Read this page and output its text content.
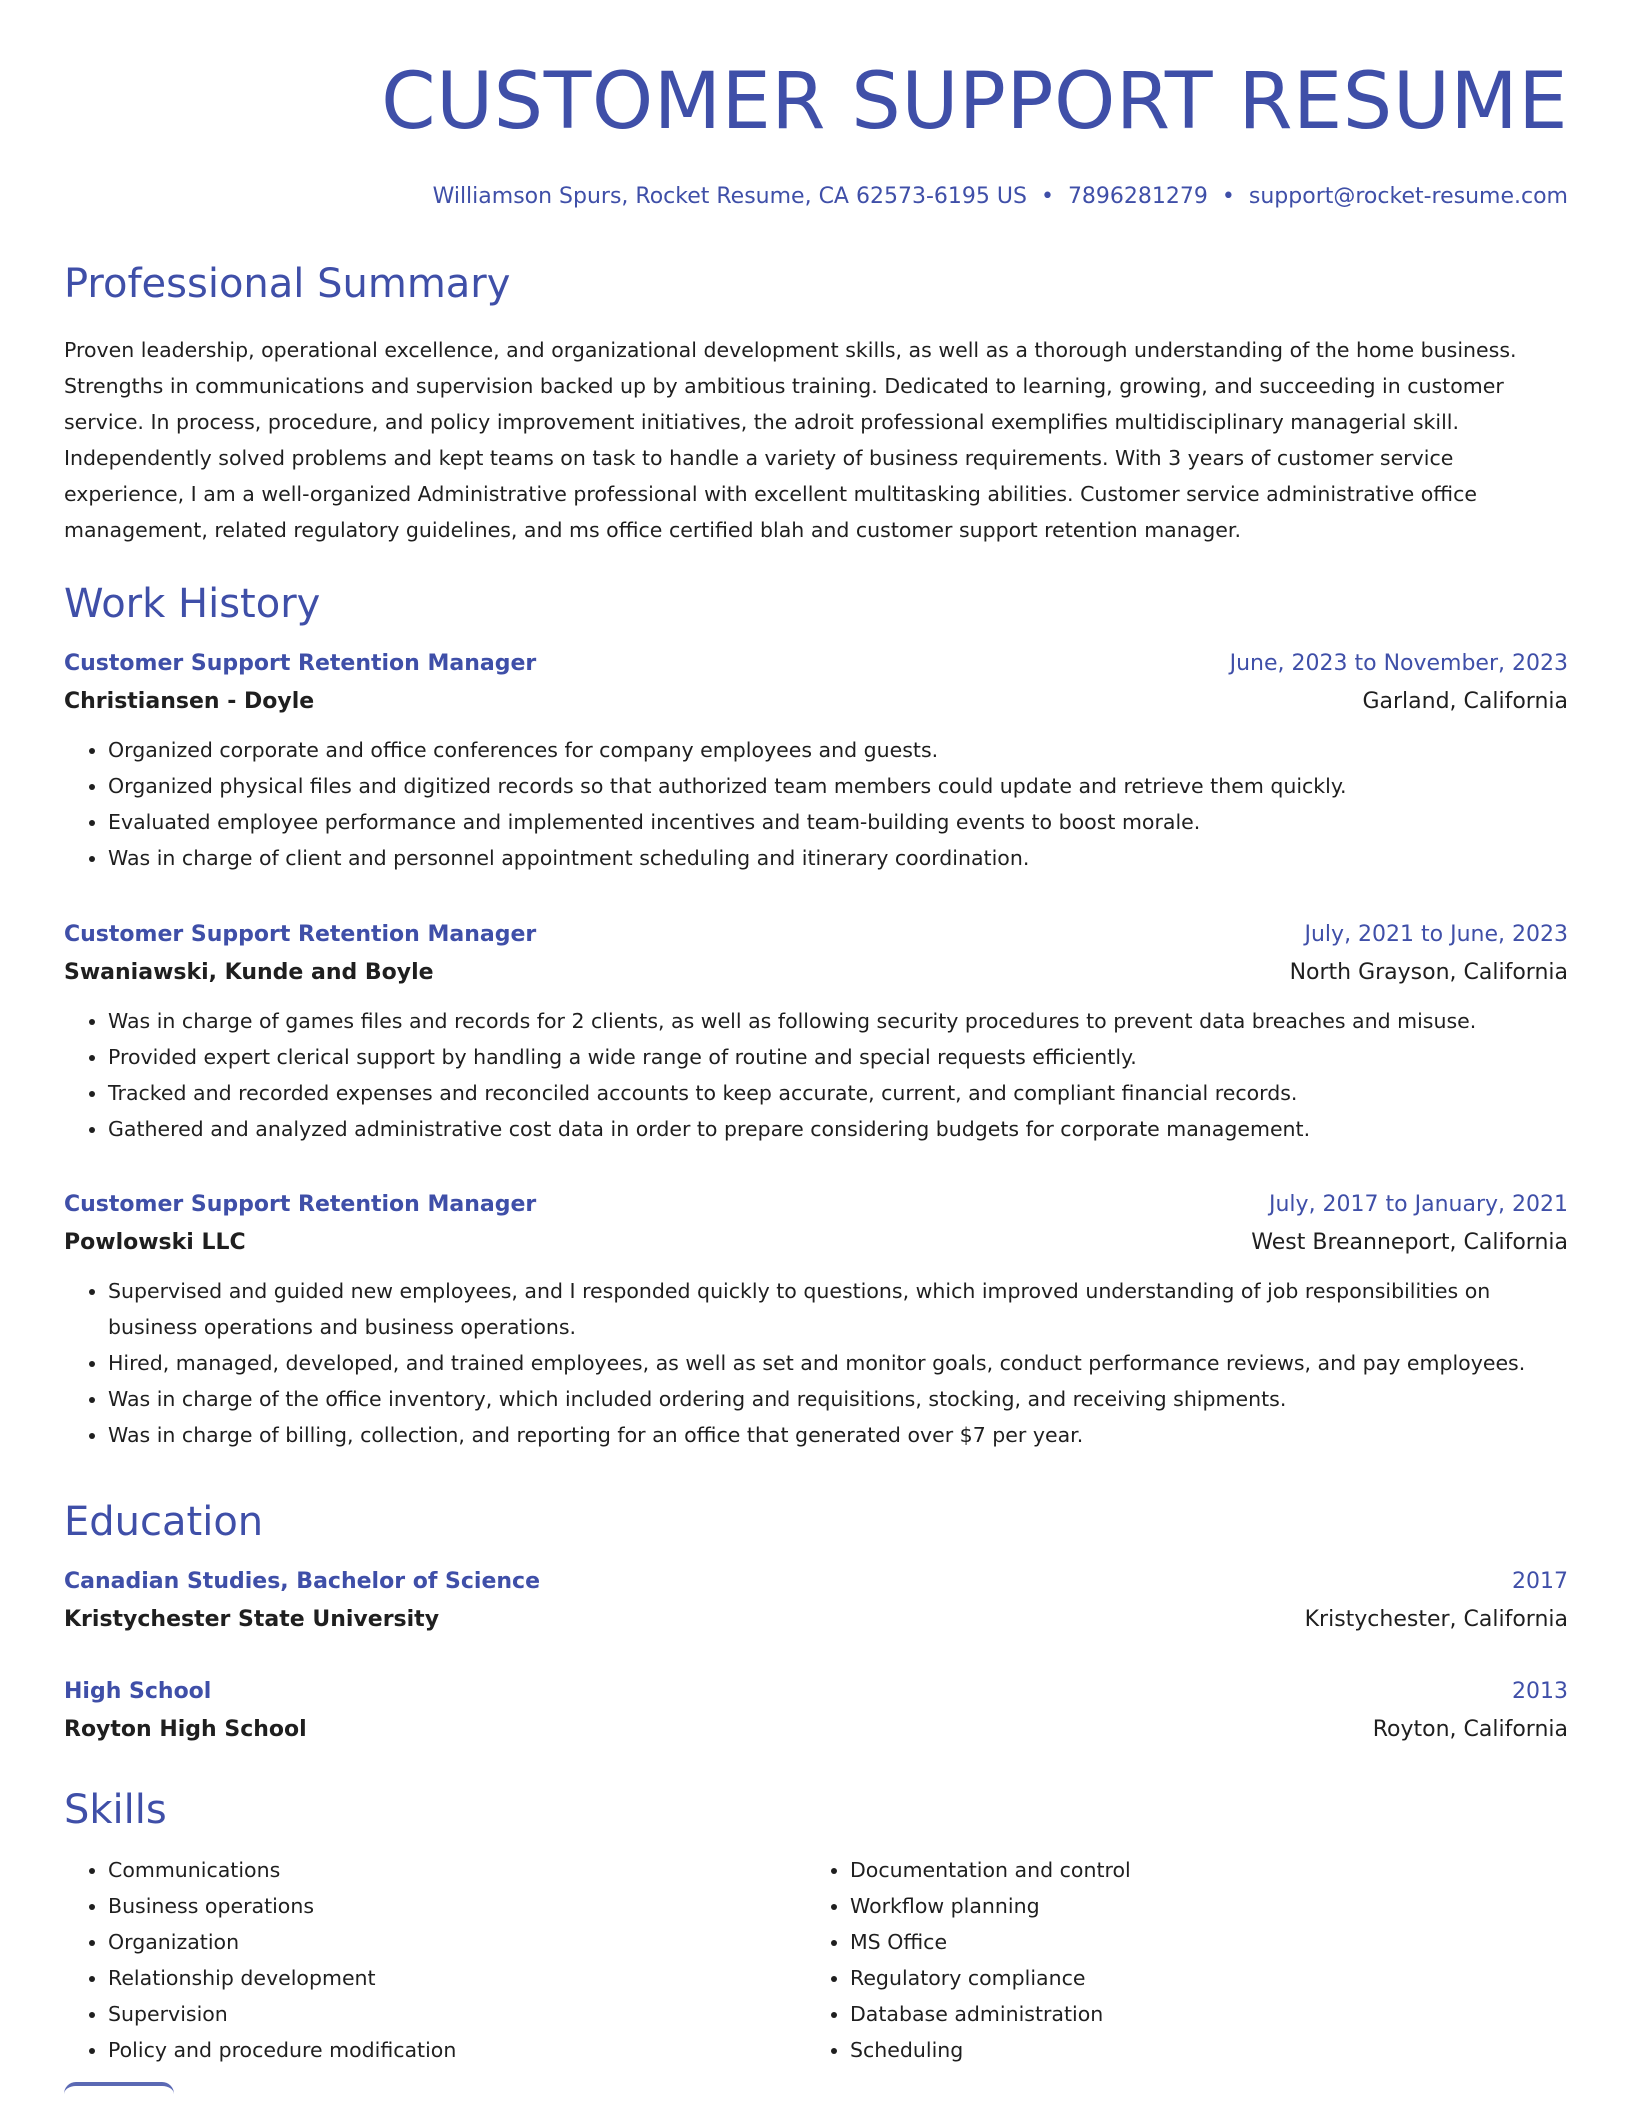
CUSTOMER SUPPORT RESUME
Williamson Spurs, Rocket Resume, CA 62573-6195 US • 7896281279 • support@rocket-resume.com
Professional Summary

Proven leadership, operational excellence, and organizational development skills, as well as a thorough understanding of the home business. Strengths in communications and supervision backed up by ambitious training. Dedicated to learning, growing, and succeeding in customer service. In process, procedure, and policy improvement initiatives, the adroit professional exemplifies multidisciplinary managerial skill. Independently solved problems and kept teams on task to handle a variety of business requirements. With 3 years of customer service experience, I am a well-organized Administrative professional with excellent multitasking abilities. Customer service administrative office management, related regulatory guidelines, and ms office certified blah and customer support retention manager.

Work History
Customer Support Retention Manager	June, 2023 to November, 2023
Christiansen - Doyle	Garland, California
• Organized corporate and office conferences for company employees and guests.
• Organized physical files and digitized records so that authorized team members could update and retrieve them quickly.
• Evaluated employee performance and implemented incentives and team-building events to boost morale.
• Was in charge of client and personnel appointment scheduling and itinerary coordination.
Customer Support Retention Manager	July, 2021 to June, 2023
Swaniawski, Kunde and Boyle	North Grayson, California
• Was in charge of games files and records for 2 clients, as well as following security procedures to prevent data breaches and misuse.
• Provided expert clerical support by handling a wide range of routine and special requests efficiently.
• Tracked and recorded expenses and reconciled accounts to keep accurate, current, and compliant financial records.
• Gathered and analyzed administrative cost data in order to prepare considering budgets for corporate management.
Customer Support Retention Manager	July, 2017 to January, 2021
Powlowski LLC	West Breanneport, California
• Supervised and guided new employees, and I responded quickly to questions, which improved understanding of job responsibilities on business operations and business operations.
• Hired, managed, developed, and trained employees, as well as set and monitor goals, conduct performance reviews, and pay employees.
• Was in charge of the office inventory, which included ordering and requisitions, stocking, and receiving shipments.
• Was in charge of billing, collection, and reporting for an office that generated over $7 per year.
Education
Canadian Studies, Bachelor of Science	2017
Kristychester State University	Kristychester, California
High School	2013
Royton High School	Royton, California
Skills
• Communications
• Business operations
• Organization
• Relationship development
• Supervision
• Policy and procedure modification
• Documentation and control
• Workflow planning
• MS Office
• Regulatory compliance
• Database administration
• Scheduling
